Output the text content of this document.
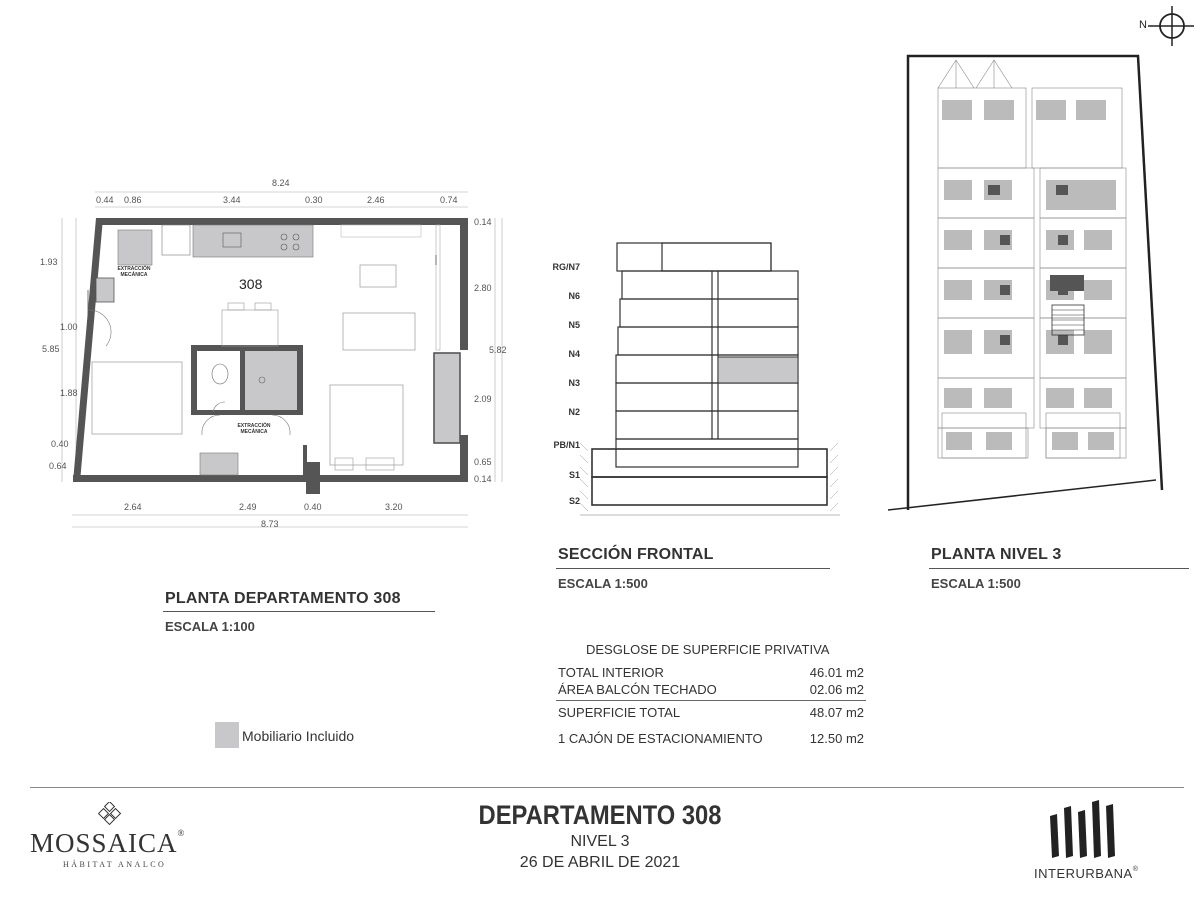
N
308
EXTRACCIÓN MECÁNICA
EXTRACCIÓN MECÁNICA
8.24
0.44 0.86	3.44	0.30	2.46	0.74
2.64	2.49	0.40	3.20
8.73
1.93
1.00
5.85
1.88
0.40
0.64
0.14
2.80
5.82
2.09
0.65
0.14
RG/N7
N6
N5
N4
N3
N2
PB/N1
S1
S2
SECCIÓN FRONTAL
ESCALA 1:500
PLANTA NIVEL 3
ESCALA 1:500
PLANTA DEPARTAMENTO 308
ESCALA 1:100
DESGLOSE DE SUPERFICIE PRIVATIVA
TOTAL INTERIOR	46.01 m2
ÁREA BALCÓN TECHADO	02.06 m2
SUPERFICIE TOTAL	48.07 m2
1 CAJÓN DE ESTACIONAMIENTO	12.50 m2
Mobiliario Incluido
MOSSAICA®
HÁBITAT ANALCO
DEPARTAMENTO 308
NIVEL 3
26 DE ABRIL DE 2021
INTERURBANA®
